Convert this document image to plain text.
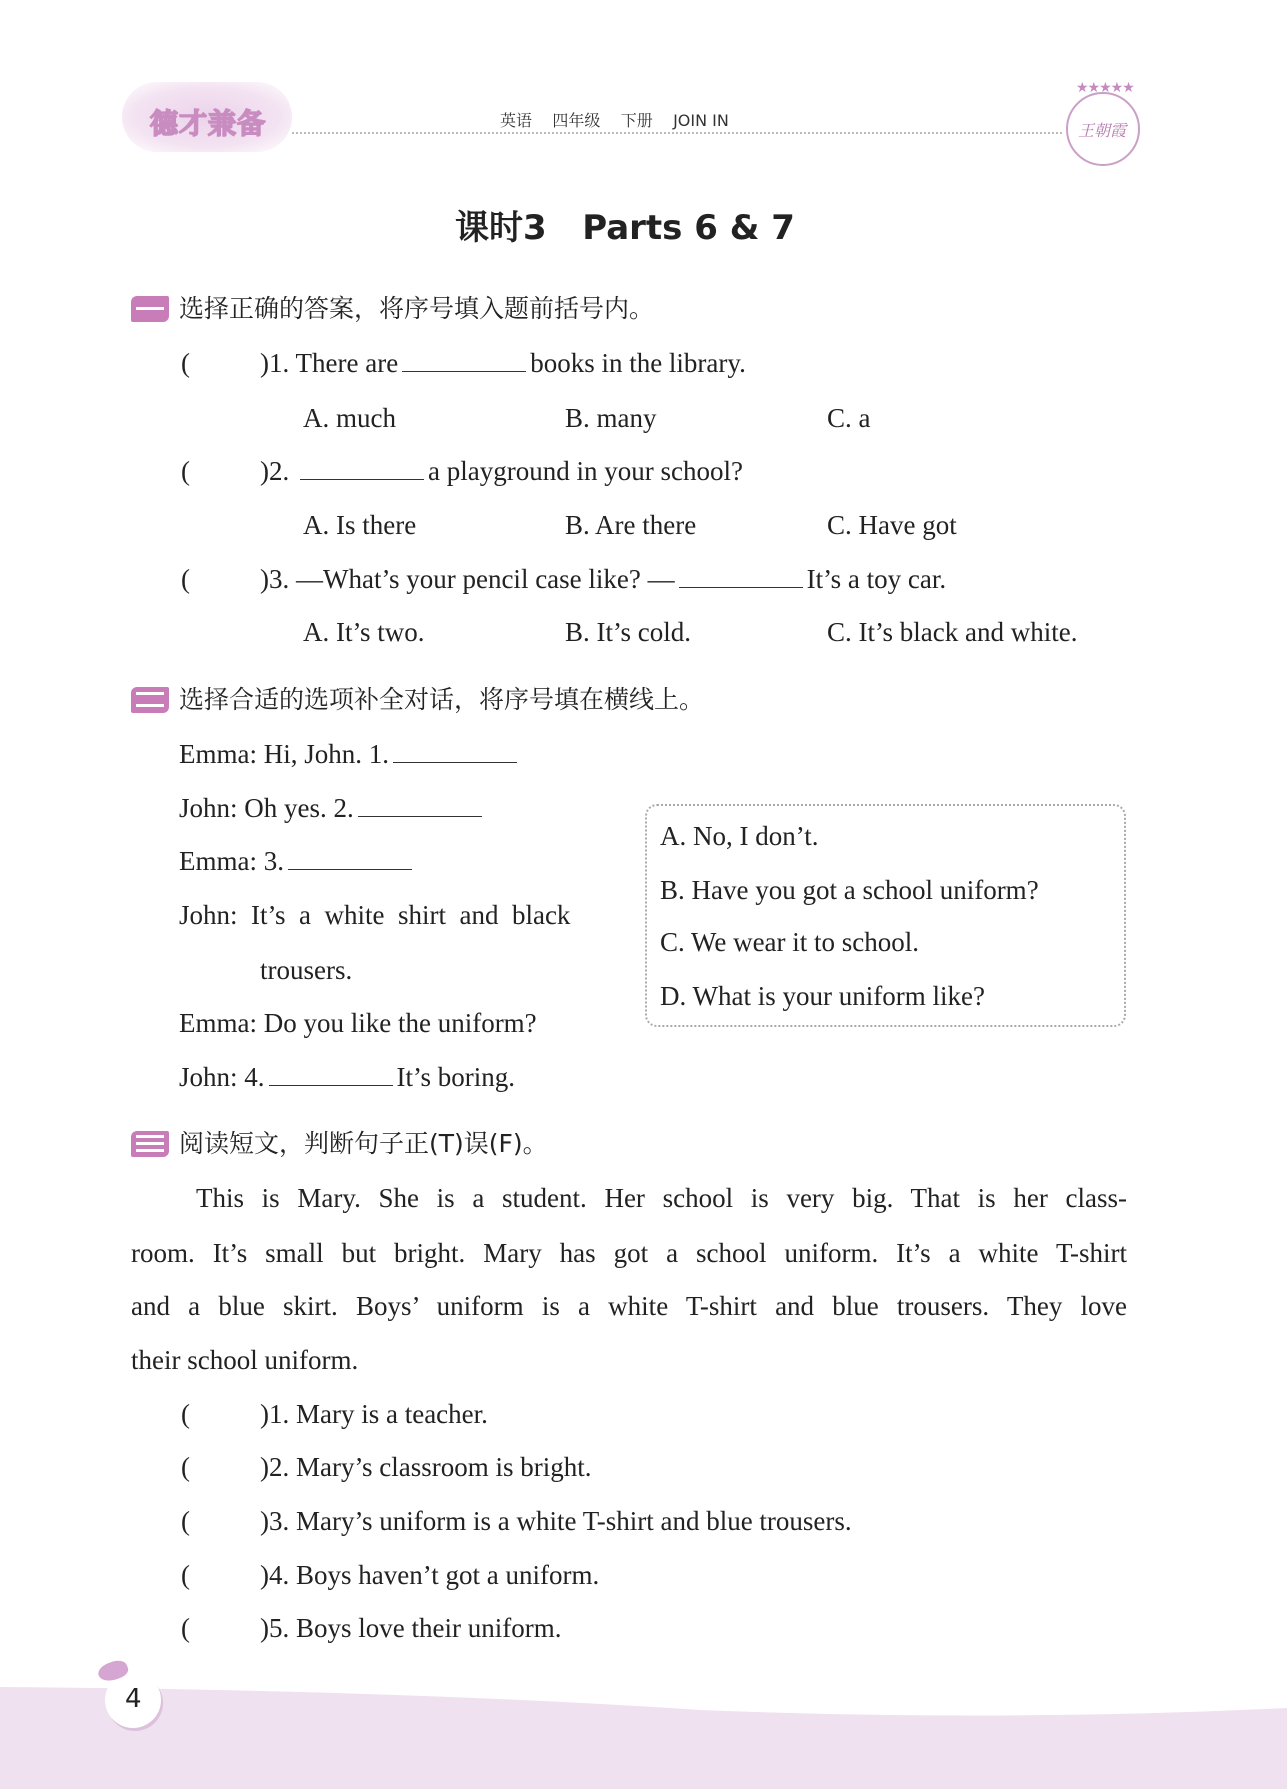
德才兼备	英语 四年级 下册 JOIN IN
★★★★★
王朝霞
课时3 Parts 6 & 7
选择正确的答案，将序号填入题前括号内。
(	)1. There are	books in the library.
A. much	B. many	C. a
(	)2.	a playground in your school?
A. Is there	B. Are there	C. Have got
(	)3. —What’s your pencil case like? —	It’s a toy car.
A. It’s two.	B. It’s cold.	C. It’s black and white.
选择合适的选项补全对话，将序号填在横线上。
Emma: Hi, John. 1.
John: Oh yes. 2.
Emma: 3.
John:  It’s  a  white  shirt  and  black
trousers.
Emma: Do you like the uniform?
John: 4.	It’s boring.
A. No, I don’t.
B. Have you got a school uniform?
C. We wear it to school.
D. What is your uniform like?
阅读短文，判断句子正(T)误(F)。
This is Mary. She is a student. Her school is very big. That is her class-
room. It’s small but bright. Mary has got a school uniform. It’s a white T-shirt
and a blue skirt. Boys’ uniform is a white T-shirt and blue trousers. They love
their school uniform.
(	)1. Mary is a teacher.
(	)2. Mary’s classroom is bright.
(	)3. Mary’s uniform is a white T-shirt and blue trousers.
(	)4. Boys haven’t got a uniform.
(	)5. Boys love their uniform.
4
